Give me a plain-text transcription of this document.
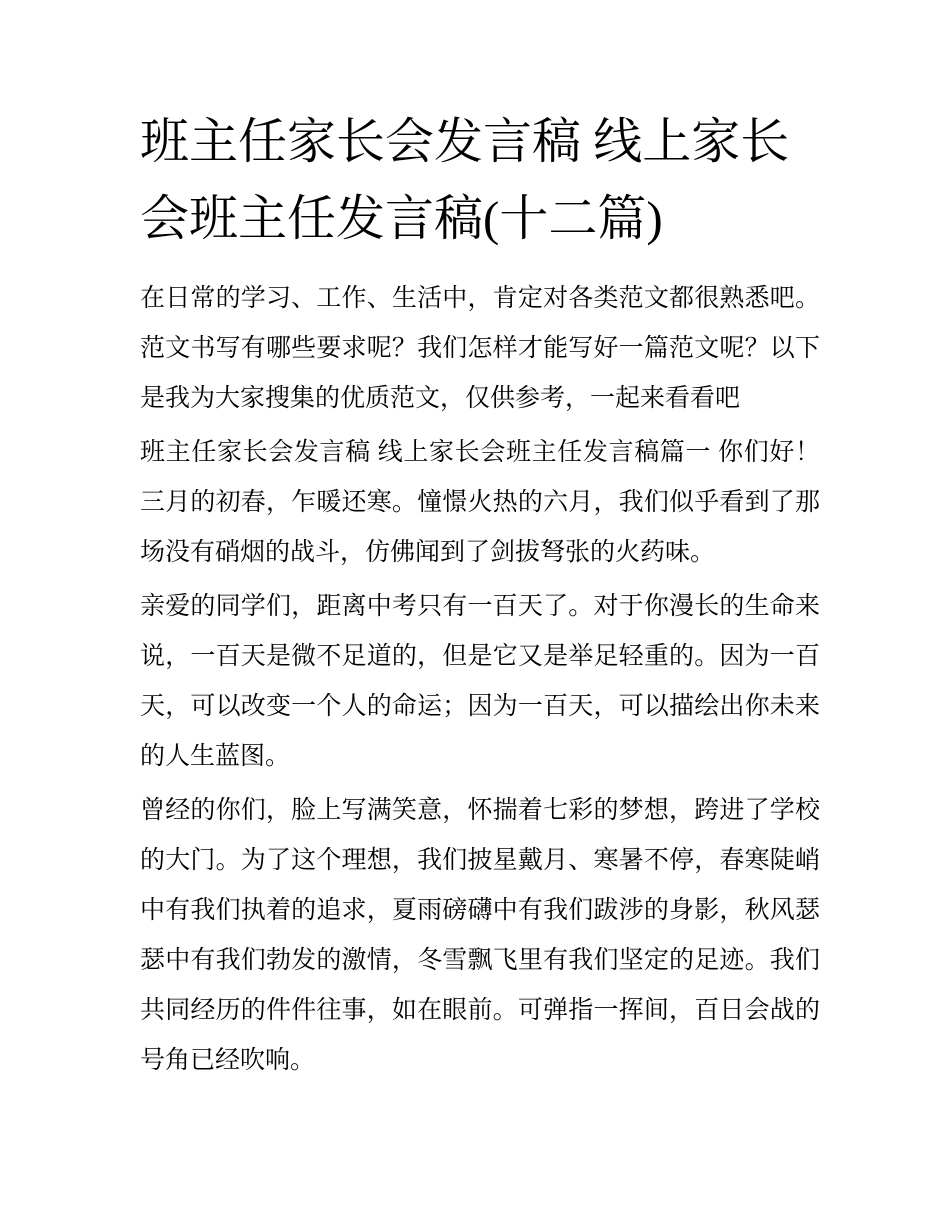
班主任家长会发言稿 线上家长会班主任发言稿(十二篇)

在日常的学习、工作、生活中，肯定对各类范文都很熟悉吧。范文书写有哪些要求呢？我们怎样才能写好一篇范文呢？以下是我为大家搜集的优质范文，仅供参考，一起来看看吧

班主任家长会发言稿 线上家长会班主任发言稿篇一 你们好！三月的初春，乍暖还寒。憧憬火热的六月，我们似乎看到了那场没有硝烟的战斗，仿佛闻到了剑拔弩张的火药味。

亲爱的同学们，距离中考只有一百天了。对于你漫长的生命来说，一百天是微不足道的，但是它又是举足轻重的。因为一百天，可以改变一个人的命运；因为一百天，可以描绘出你未来的人生蓝图。

曾经的你们，脸上写满笑意，怀揣着七彩的梦想，跨进了学校的大门。为了这个理想，我们披星戴月、寒暑不停，春寒陡峭中有我们执着的追求，夏雨磅礴中有我们跋涉的身影，秋风瑟瑟中有我们勃发的激情，冬雪飘飞里有我们坚定的足迹。我们共同经历的件件往事，如在眼前。可弹指一挥间，百日会战的号角已经吹响。
